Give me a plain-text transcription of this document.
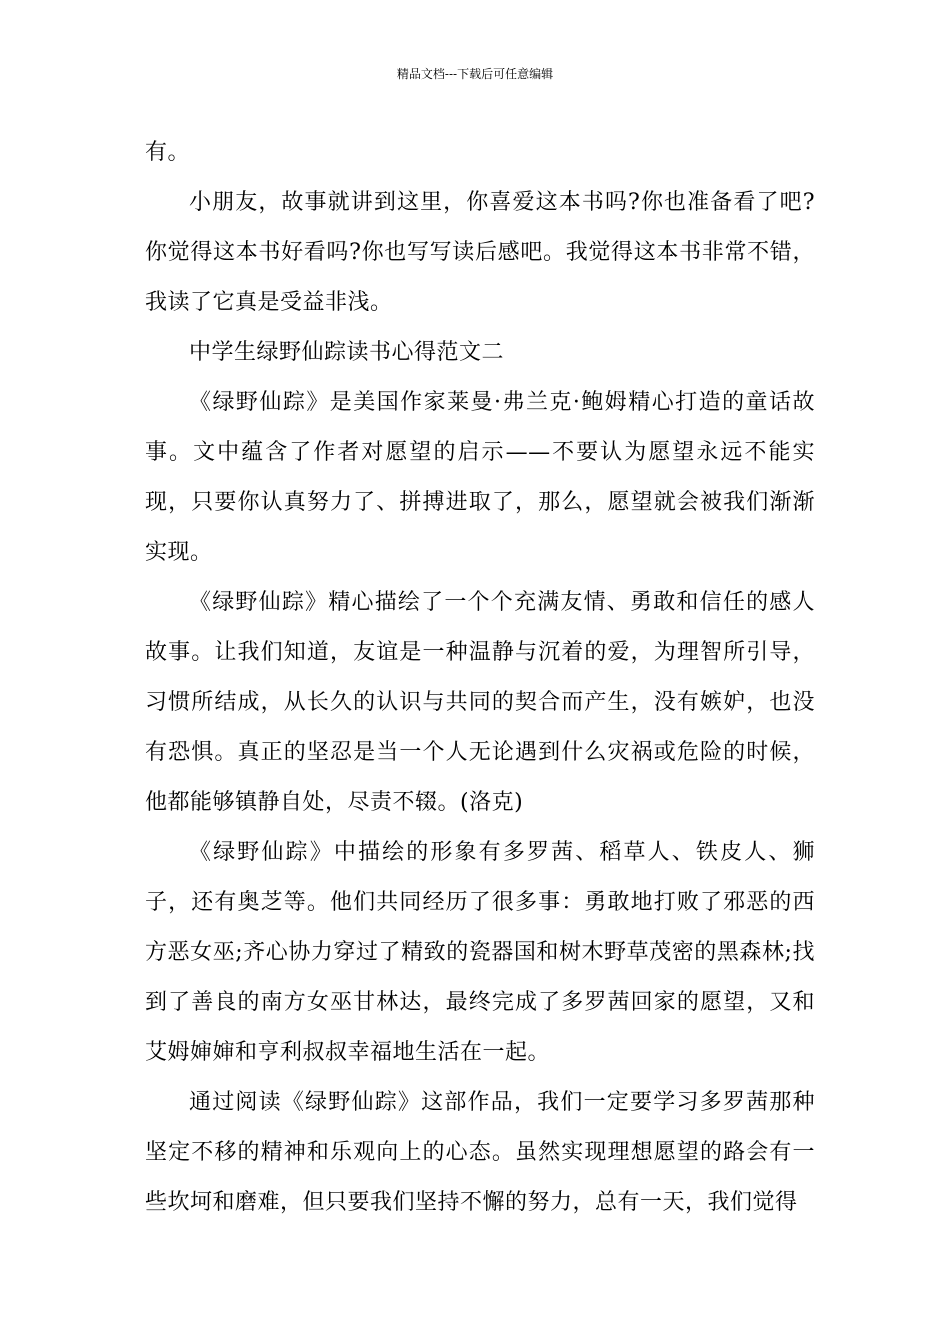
精品文档---下载后可任意编辑

有。

小朋友，故事就讲到这里，你喜爱这本书吗?你也准备看了吧?你觉得这本书好看吗?你也写写读后感吧。我觉得这本书非常不错，我读了它真是受益非浅。

中学生绿野仙踪读书心得范文二

《绿野仙踪》是美国作家莱曼·弗兰克·鲍姆精心打造的童话故事。文中蕴含了作者对愿望的启示——不要认为愿望永远不能实现，只要你认真努力了、拼搏进取了，那么，愿望就会被我们渐渐实现。

《绿野仙踪》精心描绘了一个个充满友情、勇敢和信任的感人故事。让我们知道，友谊是一种温静与沉着的爱，为理智所引导，习惯所结成，从长久的认识与共同的契合而产生，没有嫉妒，也没有恐惧。真正的坚忍是当一个人无论遇到什么灾祸或危险的时候，他都能够镇静自处，尽责不辍。(洛克)

《绿野仙踪》中描绘的形象有多罗茜、稻草人、铁皮人、狮子，还有奥芝等。他们共同经历了很多事：勇敢地打败了邪恶的西方恶女巫;齐心协力穿过了精致的瓷器国和树木野草茂密的黑森林;找到了善良的南方女巫甘林达，最终完成了多罗茜回家的愿望，又和艾姆婶婶和亨利叔叔幸福地生活在一起。

通过阅读《绿野仙踪》这部作品，我们一定要学习多罗茜那种坚定不移的精神和乐观向上的心态。虽然实现理想愿望的路会有一些坎坷和磨难，但只要我们坚持不懈的努力，总有一天，我们觉得
